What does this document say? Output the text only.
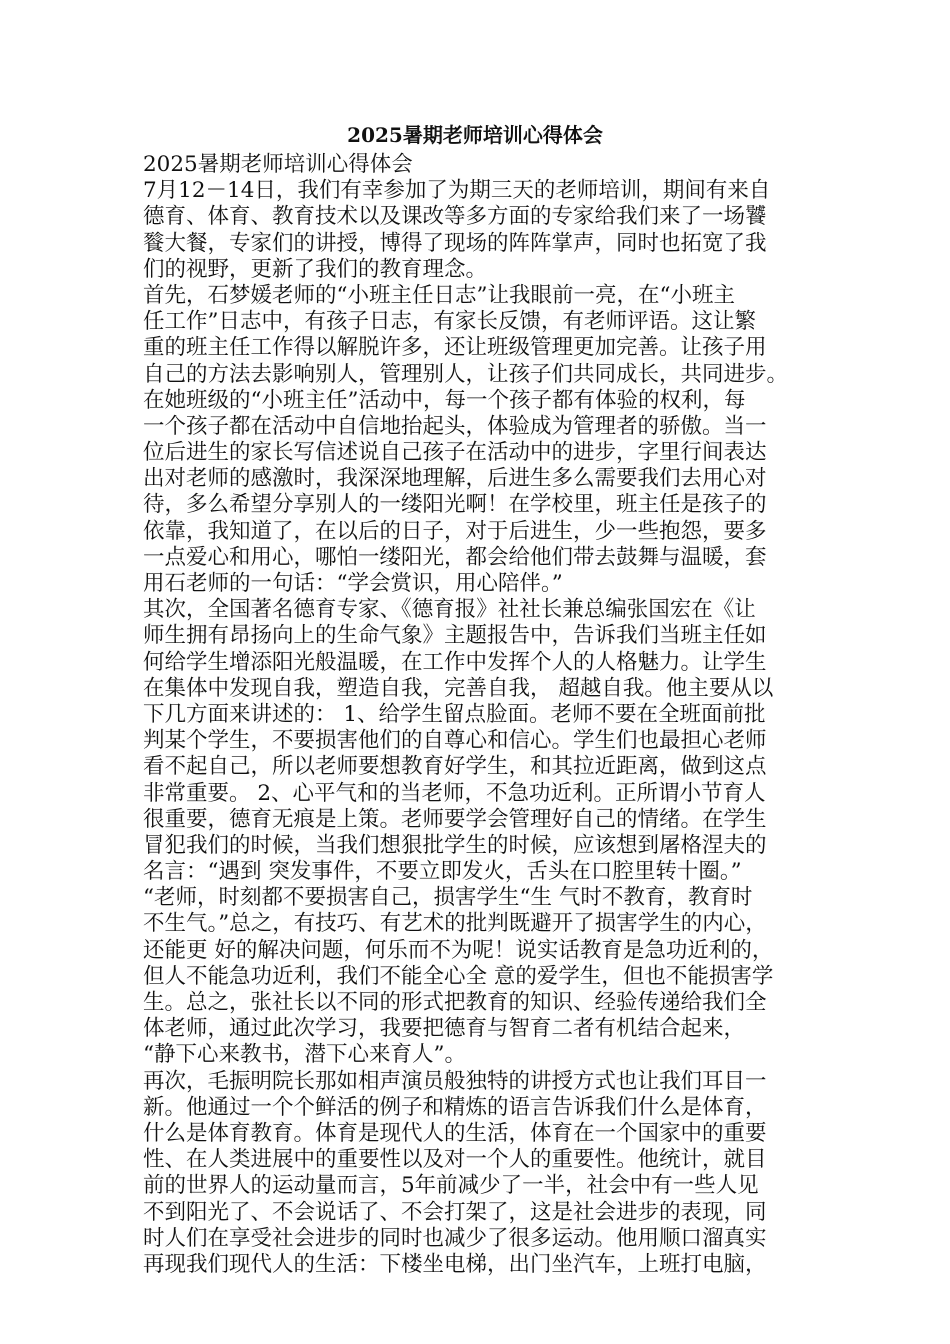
2025暑期老师培训心得体会

2025暑期老师培训心得体会

7月12－14日，我们有幸参加了为期三天的老师培训，期间有来自

德育、体育、教育技术以及课改等多方面的专家给我们来了一场饕

餮大餐，专家们的讲授，博得了现场的阵阵掌声，同时也拓宽了我

们的视野，更新了我们的教育理念。

首先，石梦媛老师的“小班主任日志”让我眼前一亮，在“小班主

任工作”日志中，有孩子日志，有家长反馈，有老师评语。这让繁

重的班主任工作得以解脱许多，还让班级管理更加完善。让孩子用

自己的方法去影响别人，管理别人，让孩子们共同成长，共同进步。

在她班级的“小班主任”活动中，每一个孩子都有体验的权利，每

一个孩子都在活动中自信地抬起头，体验成为管理者的骄傲。当一

位后进生的家长写信述说自己孩子在活动中的进步，字里行间表达

出对老师的感激时，我深深地理解，后进生多么需要我们去用心对

待，多么希望分享别人的一缕阳光啊！在学校里，班主任是孩子的

依靠，我知道了，在以后的日子，对于后进生，少一些抱怨，要多

一点爱心和用心，哪怕一缕阳光，都会给他们带去鼓舞与温暖，套

用石老师的一句话：“学会赏识，用心陪伴。”

其次，全国著名德育专家、《德育报》社社长兼总编张国宏在《让

师生拥有昂扬向上的生命气象》主题报告中，告诉我们当班主任如

何给学生增添阳光般温暖，在工作中发挥个人的人格魅力。让学生

在集体中发现自我，塑造自我，完善自我， 超越自我。他主要从以

下几方面来讲述的： 1、给学生留点脸面。老师不要在全班面前批

判某个学生，不要损害他们的自尊心和信心。学生们也最担心老师

看不起自己，所以老师要想教育好学生，和其拉近距离，做到这点

非常重要。 2、心平气和的当老师，不急功近利。正所谓小节育人

很重要，德育无痕是上策。老师要学会管理好自己的情绪。在学生

冒犯我们的时候，当我们想狠批学生的时候，应该想到屠格涅夫的

名言：“遇到 突发事件，不要立即发火，舌头在口腔里转十圈。”

“老师，时刻都不要损害自己，损害学生“生 气时不教育，教育时

不生气。”总之，有技巧、有艺术的批判既避开了损害学生的内心，

还能更 好的解决问题，何乐而不为呢！说实话教育是急功近利的，

但人不能急功近利，我们不能全心全 意的爱学生，但也不能损害学

生。总之，张社长以不同的形式把教育的知识、经验传递给我们全

体老师，通过此次学习，我要把德育与智育二者有机结合起来，

“静下心来教书，潜下心来育人”。

再次，毛振明院长那如相声演员般独特的讲授方式也让我们耳目一

新。他通过一个个鲜活的例子和精炼的语言告诉我们什么是体育，

什么是体育教育。体育是现代人的生活，体育在一个国家中的重要

性、在人类进展中的重要性以及对一个人的重要性。他统计，就目

前的世界人的运动量而言，5年前减少了一半，社会中有一些人见

不到阳光了、不会说话了、不会打架了，这是社会进步的表现，同

时人们在享受社会进步的同时也减少了很多运动。他用顺口溜真实

再现我们现代人的生活：下楼坐电梯，出门坐汽车，上班打电脑，
